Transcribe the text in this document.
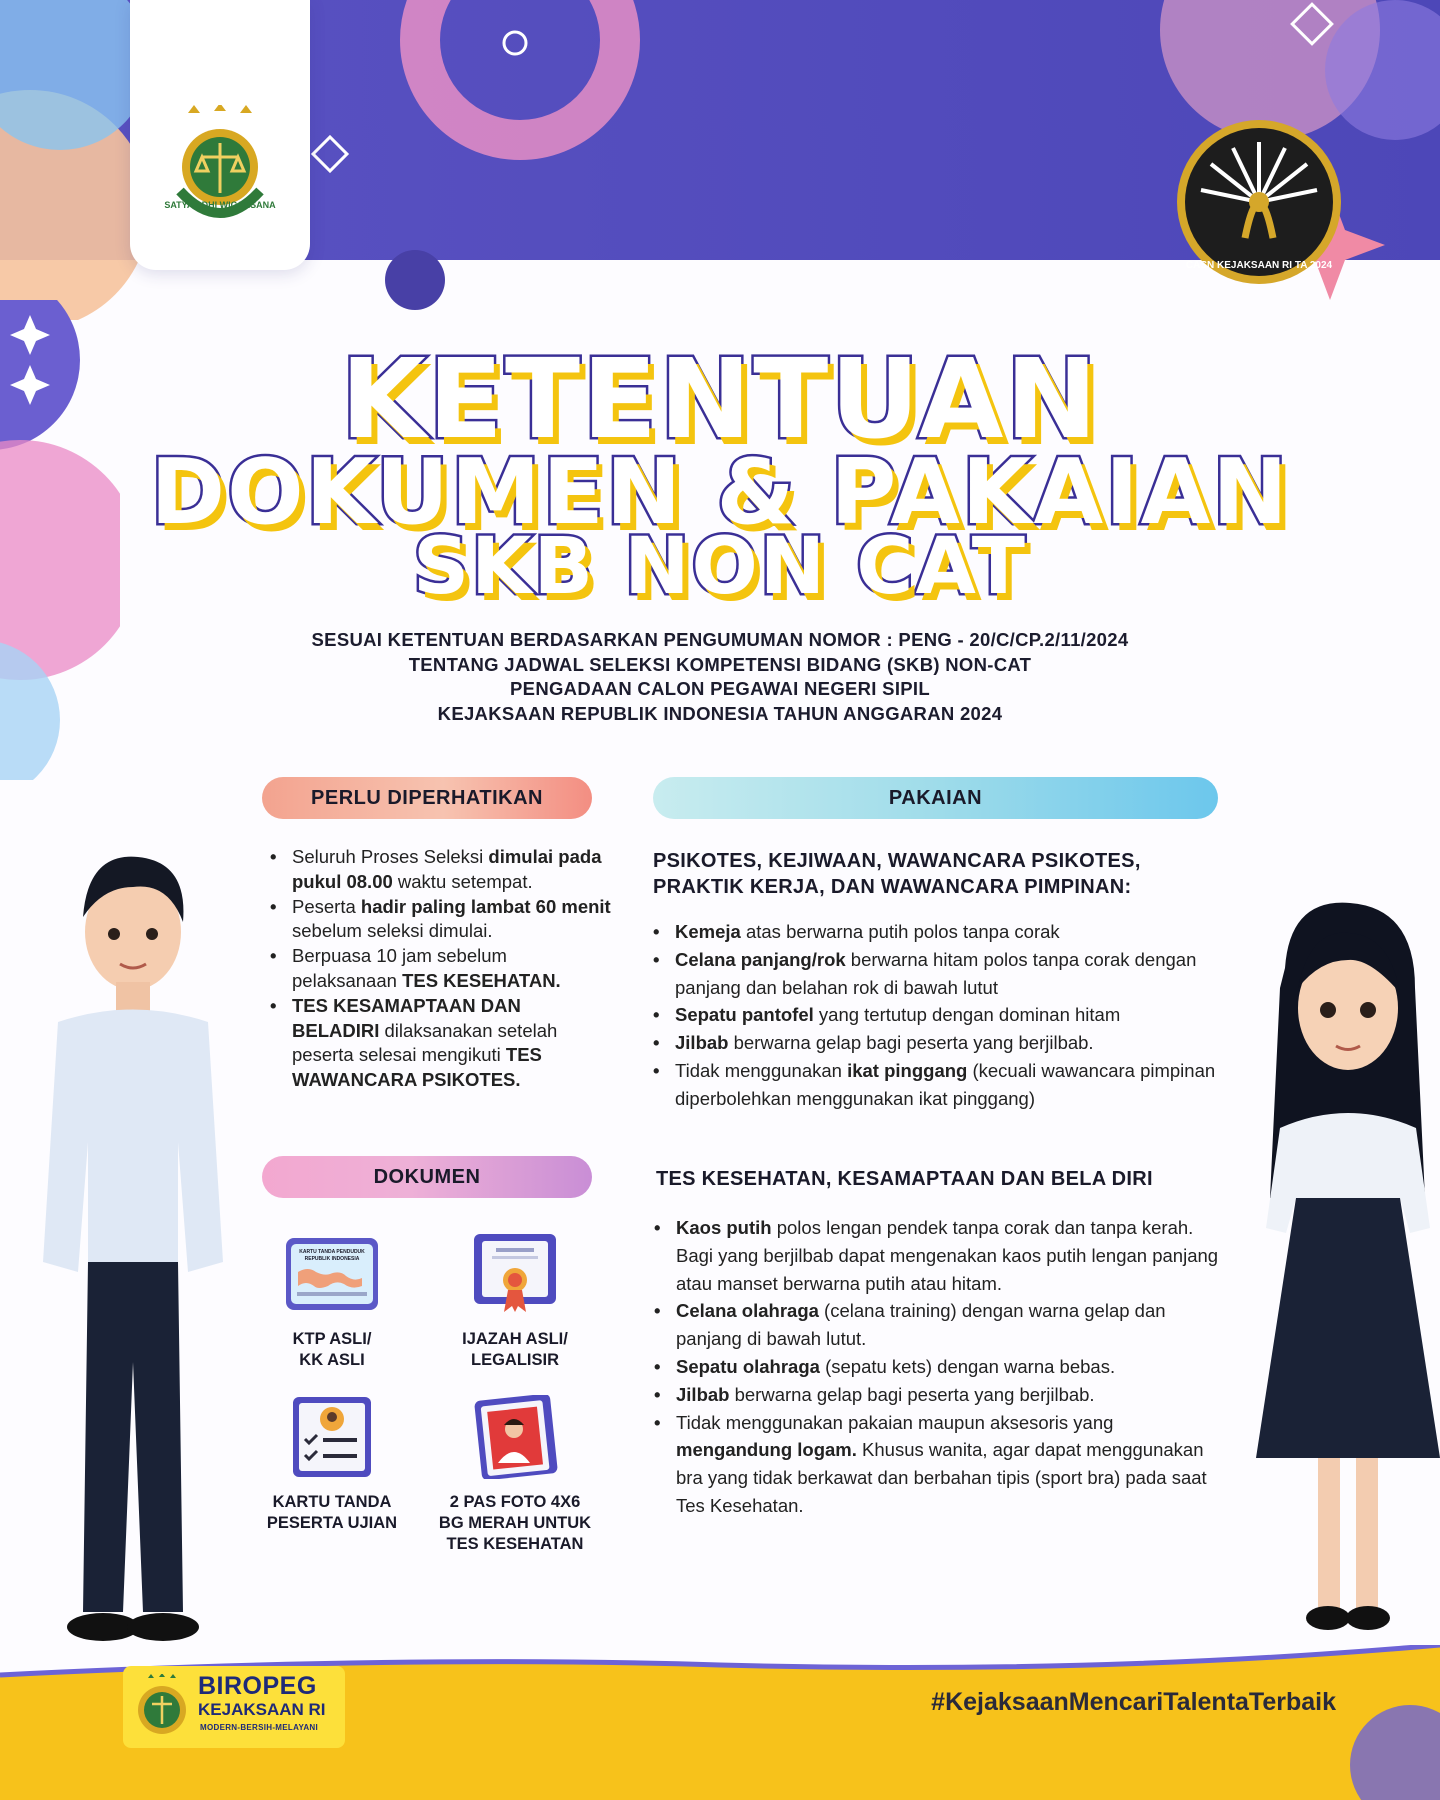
SATYA ADHI WICAKSANA
CASN KEJAKSAAN RI TA 2024
KETENTUAN
DOKUMEN & PAKAIAN
SKB NON CAT
SESUAI KETENTUAN BERDASARKAN PENGUMUMAN NOMOR : PENG - 20/C/CP.2/11/2024
TENTANG JADWAL SELEKSI KOMPETENSI BIDANG (SKB) NON-CAT
PENGADAAN CALON PEGAWAI NEGERI SIPIL
KEJAKSAAN REPUBLIK INDONESIA TAHUN ANGGARAN 2024
PERLU DIPERHATIKAN	PAKAIAN
DOKUMEN
• Seluruh Proses Seleksi dimulai pada pukul 08.00 waktu setempat.
• Peserta hadir paling lambat 60 menit sebelum seleksi dimulai.
• Berpuasa 10 jam sebelum pelaksanaan TES KESEHATAN.
• TES KESAMAPTAAN DAN BELADIRI dilaksanakan setelah peserta selesai mengikuti TES WAWANCARA PSIKOTES.
PSIKOTES, KEJIWAAN, WAWANCARA PSIKOTES,
PRAKTIK KERJA, DAN WAWANCARA PIMPINAN:
• Kemeja atas berwarna putih polos tanpa corak
• Celana panjang/rok berwarna hitam polos tanpa corak dengan panjang dan belahan rok di bawah lutut
• Sepatu pantofel yang tertutup dengan dominan hitam
• Jilbab berwarna gelap bagi peserta yang berjilbab.
• Tidak menggunakan ikat pinggang (kecuali wawancara pimpinan diperbolehkan menggunakan ikat pinggang)
TES KESEHATAN, KESAMAPTAAN DAN BELA DIRI
• Kaos putih polos lengan pendek tanpa corak dan tanpa kerah. Bagi yang berjilbab dapat mengenakan kaos putih lengan panjang atau manset berwarna putih atau hitam.
• Celana olahraga (celana training) dengan warna gelap dan panjang di bawah lutut.
• Sepatu olahraga (sepatu kets) dengan warna bebas.
• Jilbab berwarna gelap bagi peserta yang berjilbab.
• Tidak menggunakan pakaian maupun aksesoris yang mengandung logam. Khusus wanita, agar dapat menggunakan bra yang tidak berkawat dan berbahan tipis (sport bra) pada saat Tes Kesehatan.
KARTU TANDA PENDUDUK
REPUBLIK INDONESIA
KTP ASLI/
KK ASLI
IJAZAH ASLI/
LEGALISIR
KARTU TANDA
PESERTA UJIAN
2 PAS FOTO 4X6
BG MERAH UNTUK
TES KESEHATAN
BIROPEG
KEJAKSAAN RI
MODERN-BERSIH-MELAYANI
#KejaksaanMencariTalentaTerbaik
